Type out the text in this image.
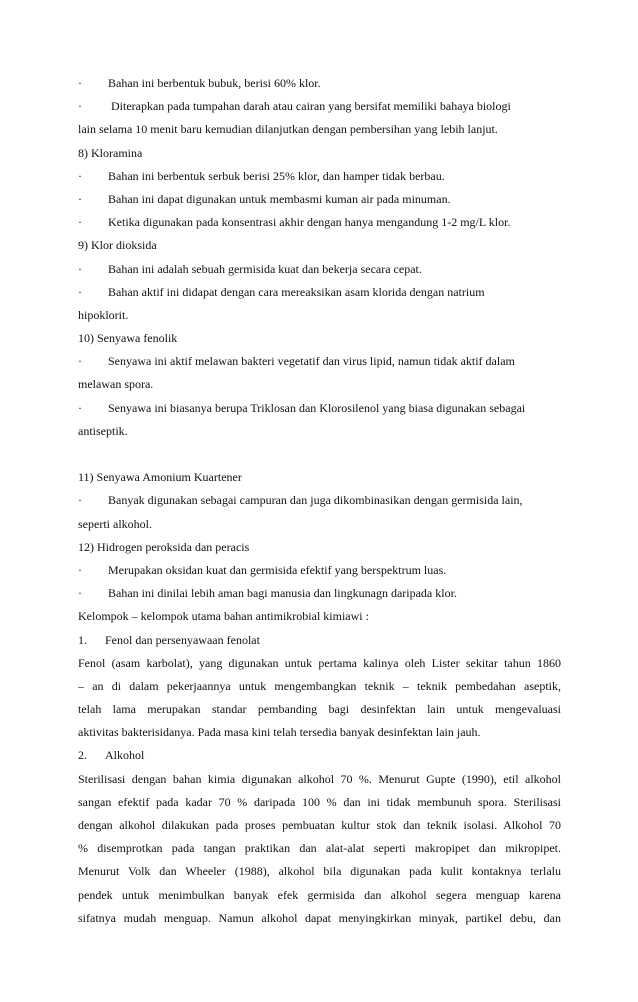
· Bahan ini berbentuk bubuk, berisi 60% klor.
· Diterapkan pada tumpahan darah atau cairan yang bersifat memiliki bahaya biologi
lain selama 10 menit baru kemudian dilanjutkan dengan pembersihan yang lebih lanjut.
8) Kloramina
· Bahan ini berbentuk serbuk berisi 25% klor, dan hamper tidak berbau.
· Bahan ini dapat digunakan untuk membasmi kuman air pada minuman.
· Ketika digunakan pada konsentrasi akhir dengan hanya mengandung 1-2 mg/L klor.
9) Klor dioksida
· Bahan ini adalah sebuah germisida kuat dan bekerja secara cepat.
· Bahan aktif ini didapat dengan cara mereaksikan asam klorida dengan natrium
hipoklorit.
10) Senyawa fenolik
· Senyawa ini aktif melawan bakteri vegetatif dan virus lipid, namun tidak aktif dalam
melawan spora.
· Senyawa ini biasanya berupa Triklosan dan Klorosilenol yang biasa digunakan sebagai
antiseptik.
11) Senyawa Amonium Kuartener
· Banyak digunakan sebagai campuran dan juga dikombinasikan dengan germisida lain,
seperti alkohol.
12) Hidrogen peroksida dan peracis
· Merupakan oksidan kuat dan germisida efektif yang berspektrum luas.
· Bahan ini dinilai lebih aman bagi manusia dan lingkunagn daripada klor.
Kelompok – kelompok utama bahan antimikrobial kimiawi :
1. Fenol dan persenyawaan fenolat
Fenol (asam karbolat), yang digunakan untuk pertama kalinya oleh Lister sekitar tahun 1860
– an di dalam pekerjaannya untuk mengembangkan teknik – teknik pembedahan aseptik,
telah lama merupakan standar pembanding bagi desinfektan lain untuk mengevaluasi
aktivitas bakterisidanya. Pada masa kini telah tersedia banyak desinfektan lain jauh.
2. Alkohol
Sterilisasi dengan bahan kimia digunakan alkohol 70 %. Menurut Gupte (1990), etil alkohol
sangan efektif pada kadar 70 % daripada 100 % dan ini tidak membunuh spora. Sterilisasi
dengan alkohol dilakukan pada proses pembuatan kultur stok dan teknik isolasi. Alkohol 70
% disemprotkan pada tangan praktikan dan alat-alat seperti makropipet dan mikropipet.
Menurut Volk dan Wheeler (1988), alkohol bila digunakan pada kulit kontaknya terlalu
pendek untuk menimbulkan banyak efek germisida dan alkohol segera menguap karena
sifatnya mudah menguap. Namun alkohol dapat menyingkirkan minyak, partikel debu, dan
